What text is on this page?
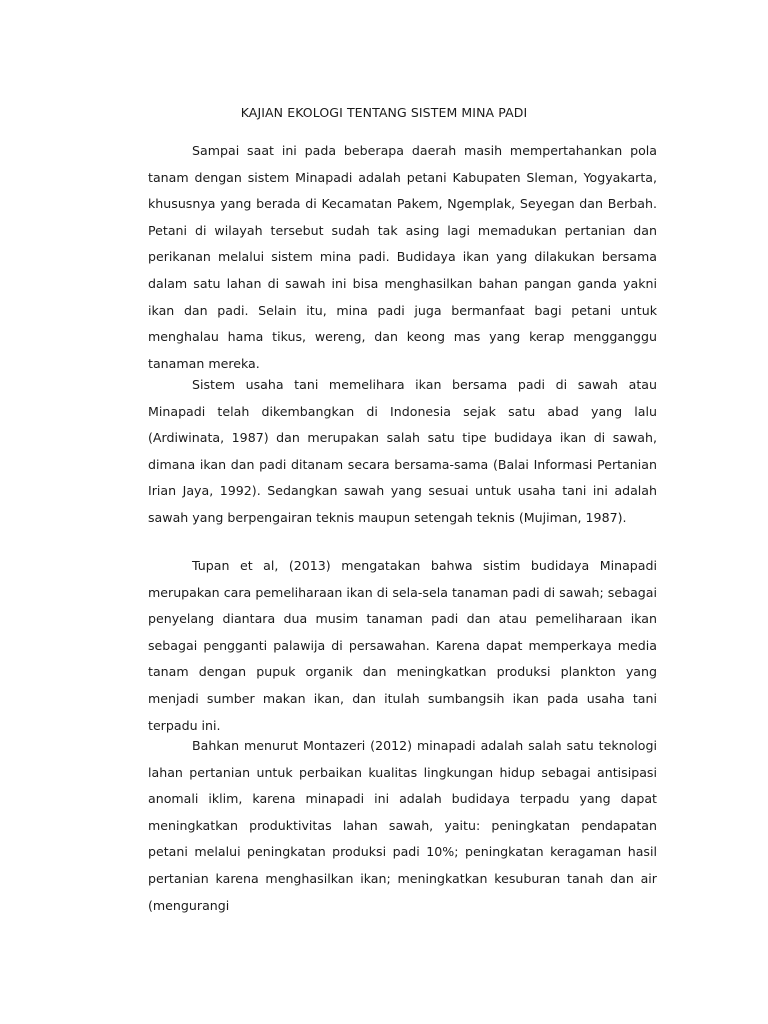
KAJIAN EKOLOGI TENTANG SISTEM MINA PADI

Sampai saat ini pada beberapa daerah masih mempertahankan pola tanam dengan sistem Minapadi adalah petani Kabupaten Sleman, Yogyakarta, khususnya yang berada di Kecamatan Pakem, Ngemplak, Seyegan dan Berbah. Petani di wilayah tersebut sudah tak asing lagi memadukan pertanian dan perikanan melalui sistem mina padi. Budidaya ikan yang dilakukan bersama dalam satu lahan di sawah ini bisa menghasilkan bahan pangan ganda yakni ikan dan padi. Selain itu, mina padi juga bermanfaat bagi petani untuk menghalau hama tikus, wereng, dan keong mas yang kerap mengganggu tanaman mereka.

Sistem usaha tani memelihara ikan bersama padi di sawah atau Minapadi telah dikembangkan di Indonesia sejak satu abad yang lalu (Ardiwinata, 1987) dan merupakan salah satu tipe budidaya ikan di sawah, dimana ikan dan padi ditanam secara bersama-sama (Balai Informasi Pertanian Irian Jaya, 1992). Sedangkan sawah yang sesuai untuk usaha tani ini adalah sawah yang berpengairan teknis maupun setengah teknis (Mujiman, 1987).

Tupan et al, (2013) mengatakan bahwa sistim budidaya Minapadi merupakan cara pemeliharaan ikan di sela-sela tanaman padi di sawah; sebagai penyelang diantara dua musim tanaman padi dan atau pemeliharaan ikan sebagai pengganti palawija di persawahan. Karena dapat memperkaya media tanam dengan pupuk organik dan meningkatkan produksi plankton yang menjadi sumber makan ikan, dan itulah sumbangsih ikan pada usaha tani terpadu ini.

Bahkan menurut Montazeri (2012) minapadi adalah salah satu teknologi lahan pertanian untuk perbaikan kualitas lingkungan hidup sebagai antisipasi anomali iklim, karena minapadi ini adalah budidaya terpadu yang dapat meningkatkan produktivitas lahan sawah, yaitu: peningkatan pendapatan petani melalui peningkatan produksi padi 10%; peningkatan keragaman hasil pertanian karena menghasilkan ikan; meningkatkan kesuburan tanah dan air (mengurangi
